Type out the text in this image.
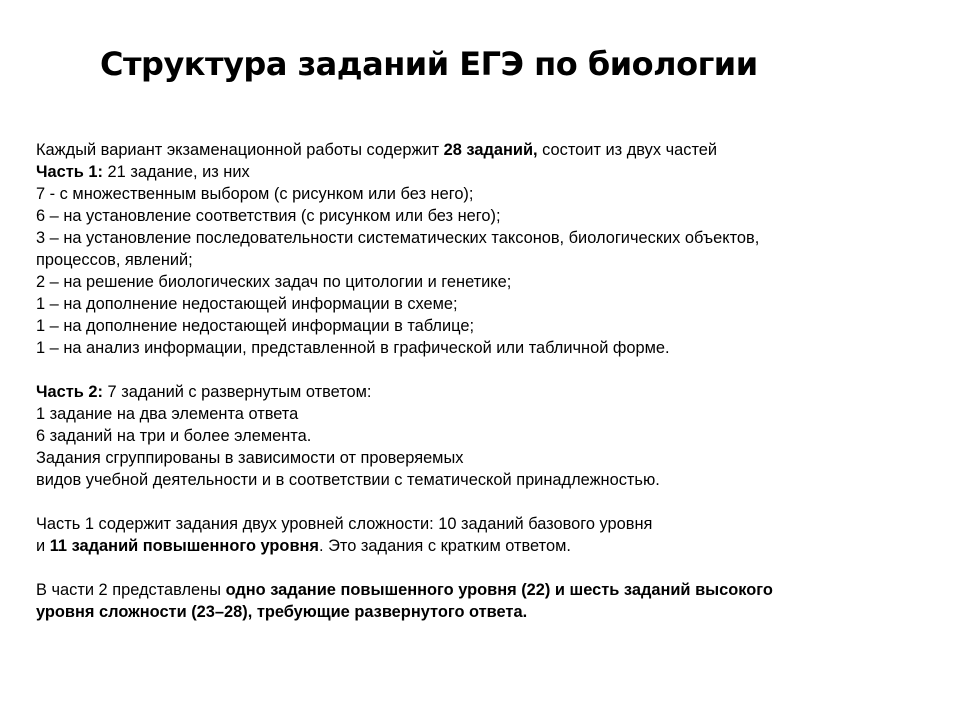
Структура заданий ЕГЭ по биологии
Каждый вариант экзаменационной работы содержит 28 заданий, состоит из двух частей
Часть 1: 21 задание, из них
7 - с множественным выбором (с рисунком или без него);
6 – на установление соответствия (с рисунком или без него);
3 – на установление последовательности систематических таксонов, биологических объектов,
процессов, явлений;
2 – на решение биологических задач по цитологии и генетике;
1 – на дополнение недостающей информации в схеме;
1 – на дополнение недостающей информации в таблице;
1 – на анализ информации, представленной в графической или табличной форме.
Часть 2: 7 заданий с развернутым ответом:
1 задание на два элемента ответа
6 заданий на три и более элемента.
Задания сгруппированы в зависимости от проверяемых
видов учебной деятельности и в соответствии с тематической принадлежностью.
Часть 1 содержит задания двух уровней сложности: 10 заданий базового уровня
и 11 заданий повышенного уровня. Это задания с кратким ответом.
В части 2 представлены одно задание повышенного уровня (22) и шесть заданий высокого
уровня сложности (23–28), требующие развернутого ответа.
